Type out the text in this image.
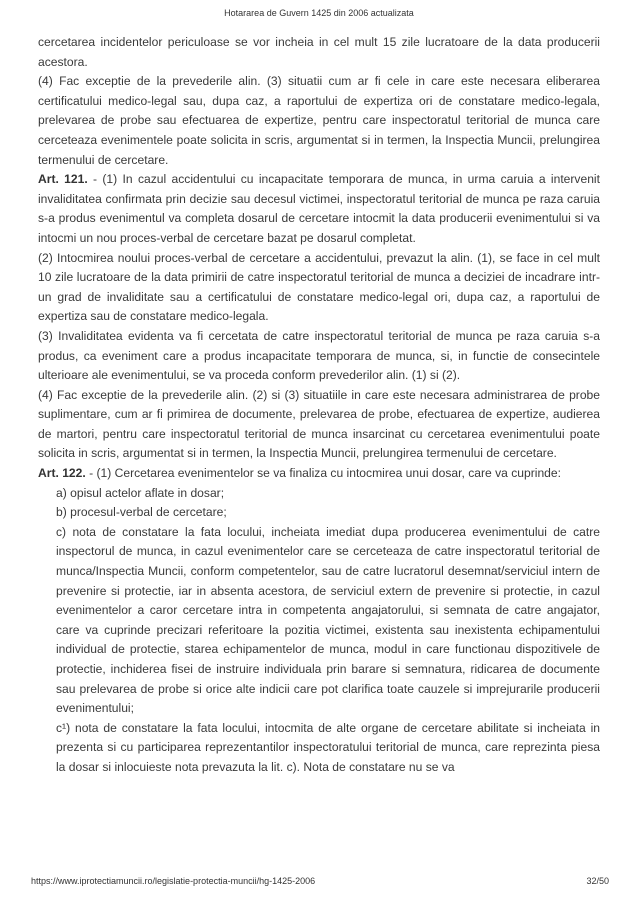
Hotararea de Guvern 1425 din 2006 actualizata

cercetarea incidentelor periculoase se vor incheia in cel mult 15 zile lucratoare de la data producerii acestora.

(4) Fac exceptie de la prevederile alin. (3) situatii cum ar fi cele in care este necesara eliberarea certificatului medico-legal sau, dupa caz, a raportului de expertiza ori de constatare medico-legala, prelevarea de probe sau efectuarea de expertize, pentru care inspectoratul teritorial de munca care cerceteaza evenimentele poate solicita in scris, argumentat si in termen, la Inspectia Muncii, prelungirea termenului de cercetare.

Art. 121. - (1) In cazul accidentului cu incapacitate temporara de munca, in urma caruia a intervenit invaliditatea confirmata prin decizie sau decesul victimei, inspectoratul teritorial de munca pe raza caruia s-a produs evenimentul va completa dosarul de cercetare intocmit la data producerii evenimentului si va intocmi un nou proces-verbal de cercetare bazat pe dosarul completat.

(2) Intocmirea noului proces-verbal de cercetare a accidentului, prevazut la alin. (1), se face in cel mult 10 zile lucratoare de la data primirii de catre inspectoratul teritorial de munca a deciziei de incadrare intr-un grad de invaliditate sau a certificatului de constatare medico-legal ori, dupa caz, a raportului de expertiza sau de constatare medico-legala.

(3) Invaliditatea evidenta va fi cercetata de catre inspectoratul teritorial de munca pe raza caruia s-a produs, ca eveniment care a produs incapacitate temporara de munca, si, in functie de consecintele ulterioare ale evenimentului, se va proceda conform prevederilor alin. (1) si (2).

(4) Fac exceptie de la prevederile alin. (2) si (3) situatiile in care este necesara administrarea de probe suplimentare, cum ar fi primirea de documente, prelevarea de probe, efectuarea de expertize, audierea de martori, pentru care inspectoratul teritorial de munca insarcinat cu cercetarea evenimentului poate solicita in scris, argumentat si in termen, la Inspectia Muncii, prelungirea termenului de cercetare.

Art. 122. - (1) Cercetarea evenimentelor se va finaliza cu intocmirea unui dosar, care va cuprinde:

a) opisul actelor aflate in dosar;

b) procesul-verbal de cercetare;

c) nota de constatare la fata locului, incheiata imediat dupa producerea evenimentului de catre inspectorul de munca, in cazul evenimentelor care se cerceteaza de catre inspectoratul teritorial de munca/Inspectia Muncii, conform competentelor, sau de catre lucratorul desemnat/serviciul intern de prevenire si protectie, iar in absenta acestora, de serviciul extern de prevenire si protectie, in cazul evenimentelor a caror cercetare intra in competenta angajatorului, si semnata de catre angajator, care va cuprinde precizari referitoare la pozitia victimei, existenta sau inexistenta echipamentului individual de protectie, starea echipamentelor de munca, modul in care functionau dispozitivele de protectie, inchiderea fisei de instruire individuala prin barare si semnatura, ridicarea de documente sau prelevarea de probe si orice alte indicii care pot clarifica toate cauzele si imprejurarile producerii evenimentului;

c¹) nota de constatare la fata locului, intocmita de alte organe de cercetare abilitate si incheiata in prezenta si cu participarea reprezentantilor inspectoratului teritorial de munca, care reprezinta piesa la dosar si inlocuieste nota prevazuta la lit. c). Nota de constatare nu se va

https://www.iprotectiamuncii.ro/legislatie-protectia-muncii/hg-1425-2006	32/50
